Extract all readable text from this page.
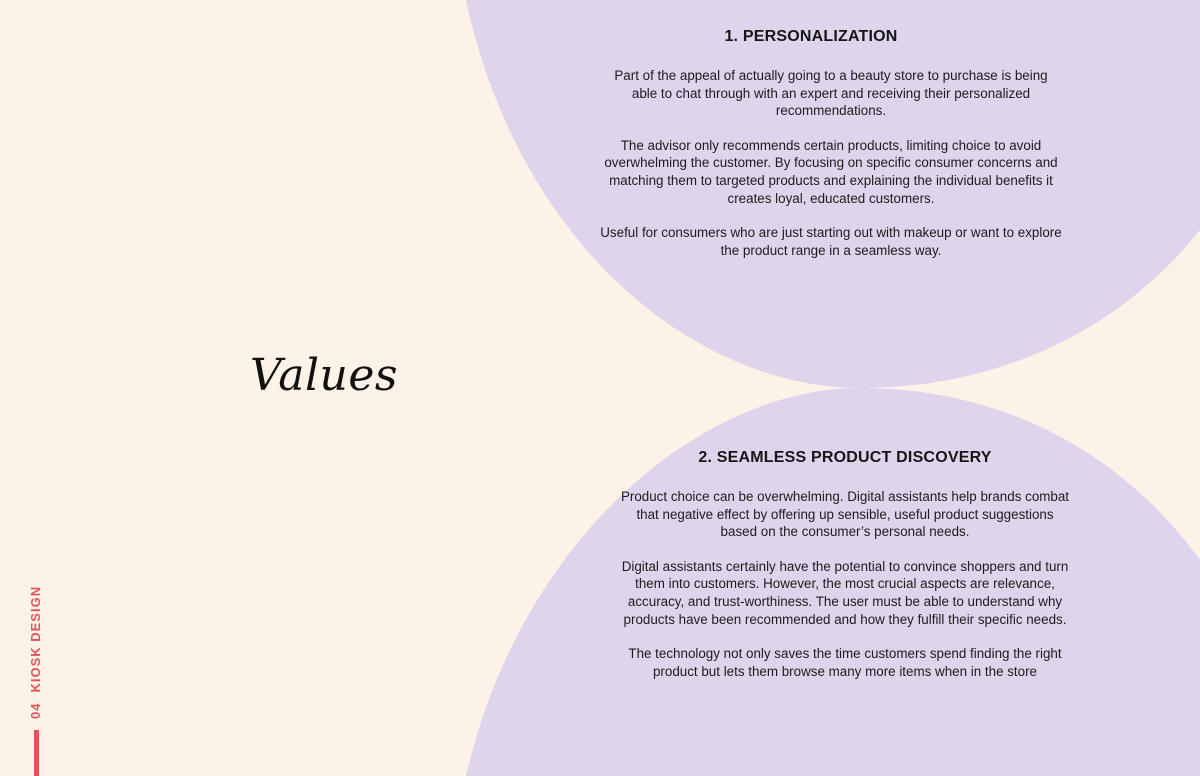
Values
1. PERSONALIZATION

Part of the appeal of actually going to a beauty store to purchase is being able to chat through with an expert and receiving their personalized recommendations.

The advisor only recommends certain products, limiting choice to avoid overwhelming the customer. By focusing on specific consumer concerns and matching them to targeted products and explaining the individual benefits it creates loyal, educated customers.

Useful for consumers who are just starting out with makeup or want to explore the product range in a seamless way.

2. SEAMLESS PRODUCT DISCOVERY

Product choice can be overwhelming. Digital assistants help brands combat that negative effect by offering up sensible, useful product suggestions based on the consumer’s personal needs.

Digital assistants certainly have the potential to convince shoppers and turn them into customers. However, the most crucial aspects are relevance, accuracy, and trust-worthiness. The user must be able to understand why products have been recommended and how they fulfill their specific needs.

The technology not only saves the time customers spend finding the right product but lets them browse many more items when in the store

04KIOSK DESIGN
